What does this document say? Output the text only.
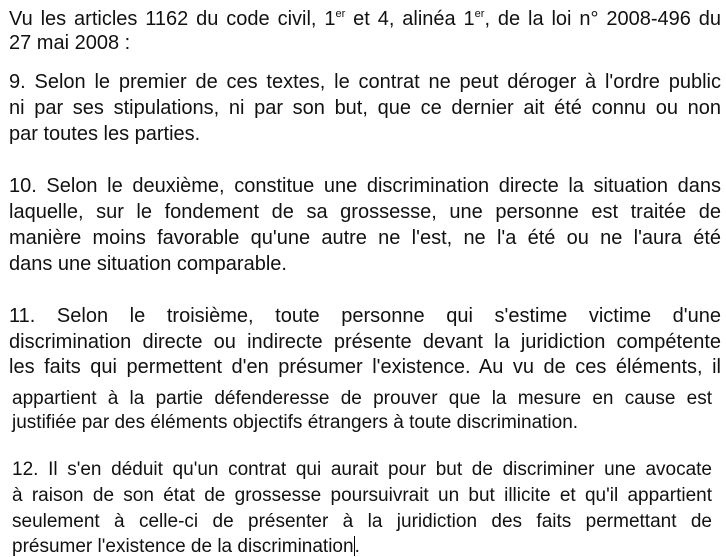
Vu les articles 1162 du code civil, 1er et 4, alinéa 1er, de la loi n° 2008-496 du
27 mai 2008 :
9. Selon le premier de ces textes, le contrat ne peut déroger à l'ordre public
ni par ses stipulations, ni par son but, que ce dernier ait été connu ou non
par toutes les parties.
10. Selon le deuxième, constitue une discrimination directe la situation dans
laquelle, sur le fondement de sa grossesse, une personne est traitée de
manière moins favorable qu'une autre ne l'est, ne l'a été ou ne l'aura été
dans une situation comparable.
11. Selon le troisième, toute personne qui s'estime victime d'une
discrimination directe ou indirecte présente devant la juridiction compétente
les faits qui permettent d'en présumer l'existence. Au vu de ces éléments, il
appartient à la partie défenderesse de prouver que la mesure en cause est
justifiée par des éléments objectifs étrangers à toute discrimination.
12. Il s'en déduit qu'un contrat qui aurait pour but de discriminer une avocate
à raison de son état de grossesse poursuivrait un but illicite et qu'il appartient
seulement à celle-ci de présenter à la juridiction des faits permettant de
présumer l'existence de la discrimination.
